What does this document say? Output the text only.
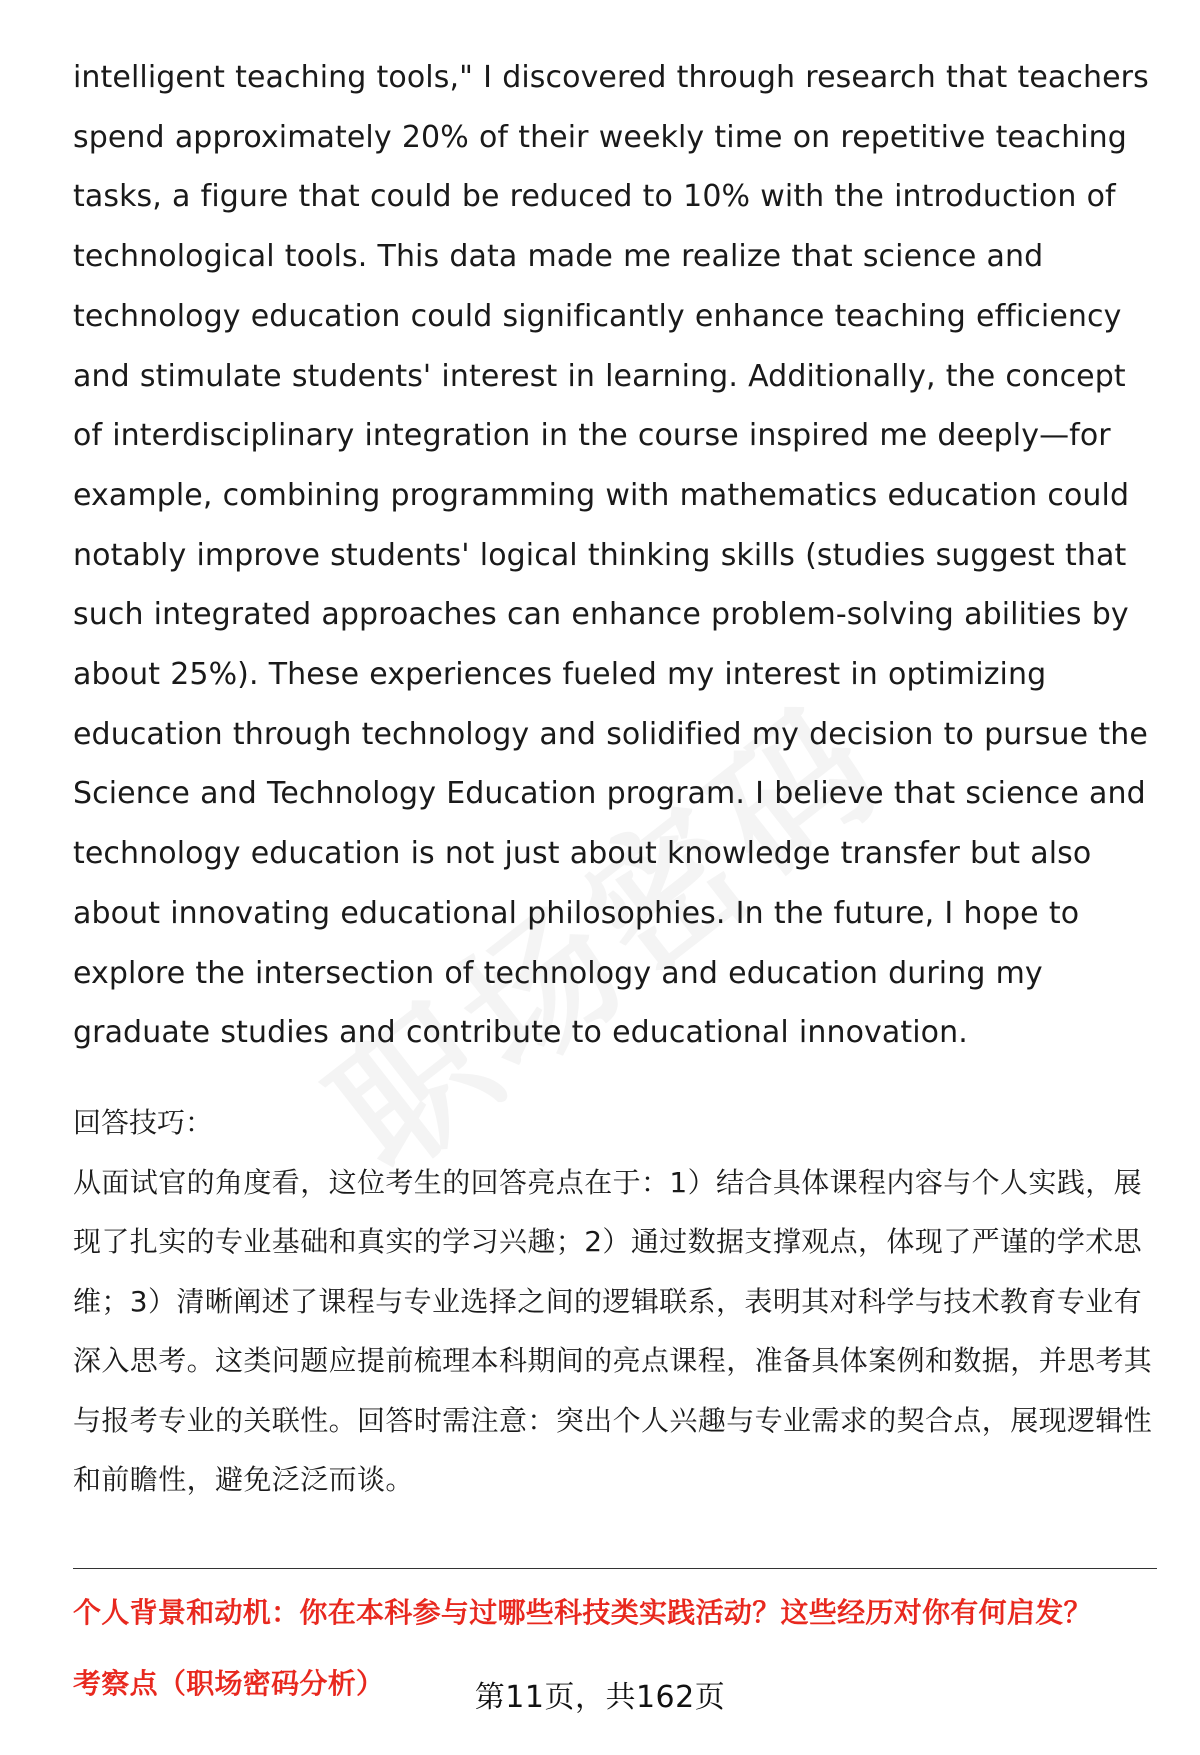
intelligent teaching tools," I discovered through research that teachers spend approximately 20% of their weekly time on repetitive teaching tasks, a figure that could be reduced to 10% with the introduction of technological tools. This data made me realize that science and technology education could significantly enhance teaching efficiency and stimulate students' interest in learning. Additionally, the concept of interdisciplinary integration in the course inspired me deeply—for example, combining programming with mathematics education could notably improve students' logical thinking skills (studies suggest that such integrated approaches can enhance problem-solving abilities by about 25%). These experiences fueled my interest in optimizing education through technology and solidified my decision to pursue the Science and Technology Education program. I believe that science and technology education is not just about knowledge transfer but also about innovating educational philosophies. In the future, I hope to explore the intersection of technology and education during my graduate studies and contribute to educational innovation.

回答技巧：

从面试官的角度看，这位考生的回答亮点在于：1）结合具体课程内容与个人实践，展现了扎实的专业基础和真实的学习兴趣；2）通过数据支撑观点，体现了严谨的学术思维；3）清晰阐述了课程与专业选择之间的逻辑联系，表明其对科学与技术教育专业有深入思考。这类问题应提前梳理本科期间的亮点课程，准备具体案例和数据，并思考其与报考专业的关联性。回答时需注意：突出个人兴趣与专业需求的契合点，展现逻辑性和前瞻性，避免泛泛而谈。

个人背景和动机：你在本科参与过哪些科技类实践活动？这些经历对你有何启发？

考察点（职场密码分析）	第11页，共162页
